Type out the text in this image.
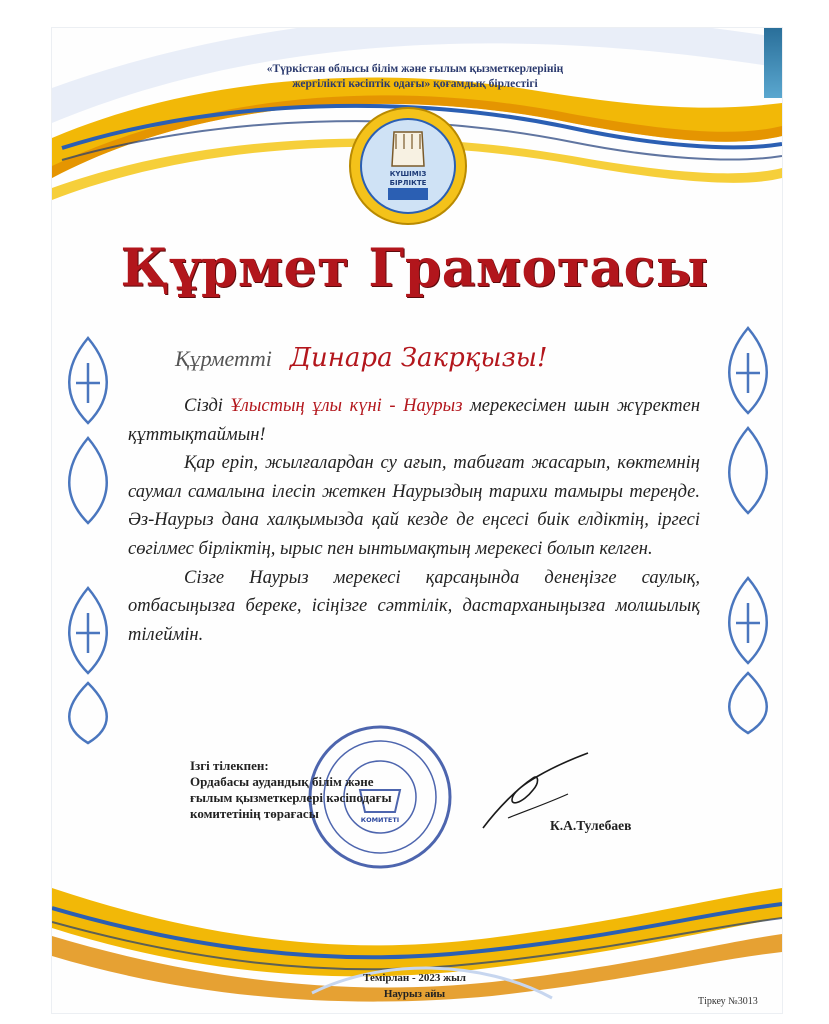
«Түркістан облысы білім және ғылым қызметкерлерінің
жергілікті кәсіптік одағы» қоғамдық бірлестігі
КҮШІМІЗ
БІРЛІКТЕ
Құрмет Грамотасы
Құрметті Динара Закрқызы!

Сізді Ұлыстың ұлы күні - Наурыз мерекесімен шын жүректен құттықтаймын!

Қар еріп, жылғалардан су ағып, табиғат жасарып, көктемнің саумал самалына ілесіп жеткен Наурыздың тарихи тамыры тереңде. Әз-Наурыз дана халқымызда қай кезде де еңсесі биік елдіктің, іргесі сөгілмес бірліктің, ырыс пен ынтымақтың мерекесі болып келген.

Сізге Наурыз мерекесі қарсаңында денеңізге саулық, отбасыңызға береке, ісіңізге сәттілік, дастарханыңызға молшылық тілеймін.

КОМИТЕТІ
Ізгі тілекпен:
Ордабасы аудандық білім және
ғылым қызметкерлері кәсіподағы
комитетінің төрағасы
К.А.Тулебаев
Темірлан - 2023 жыл
Наурыз айы
Тіркеу №3013
